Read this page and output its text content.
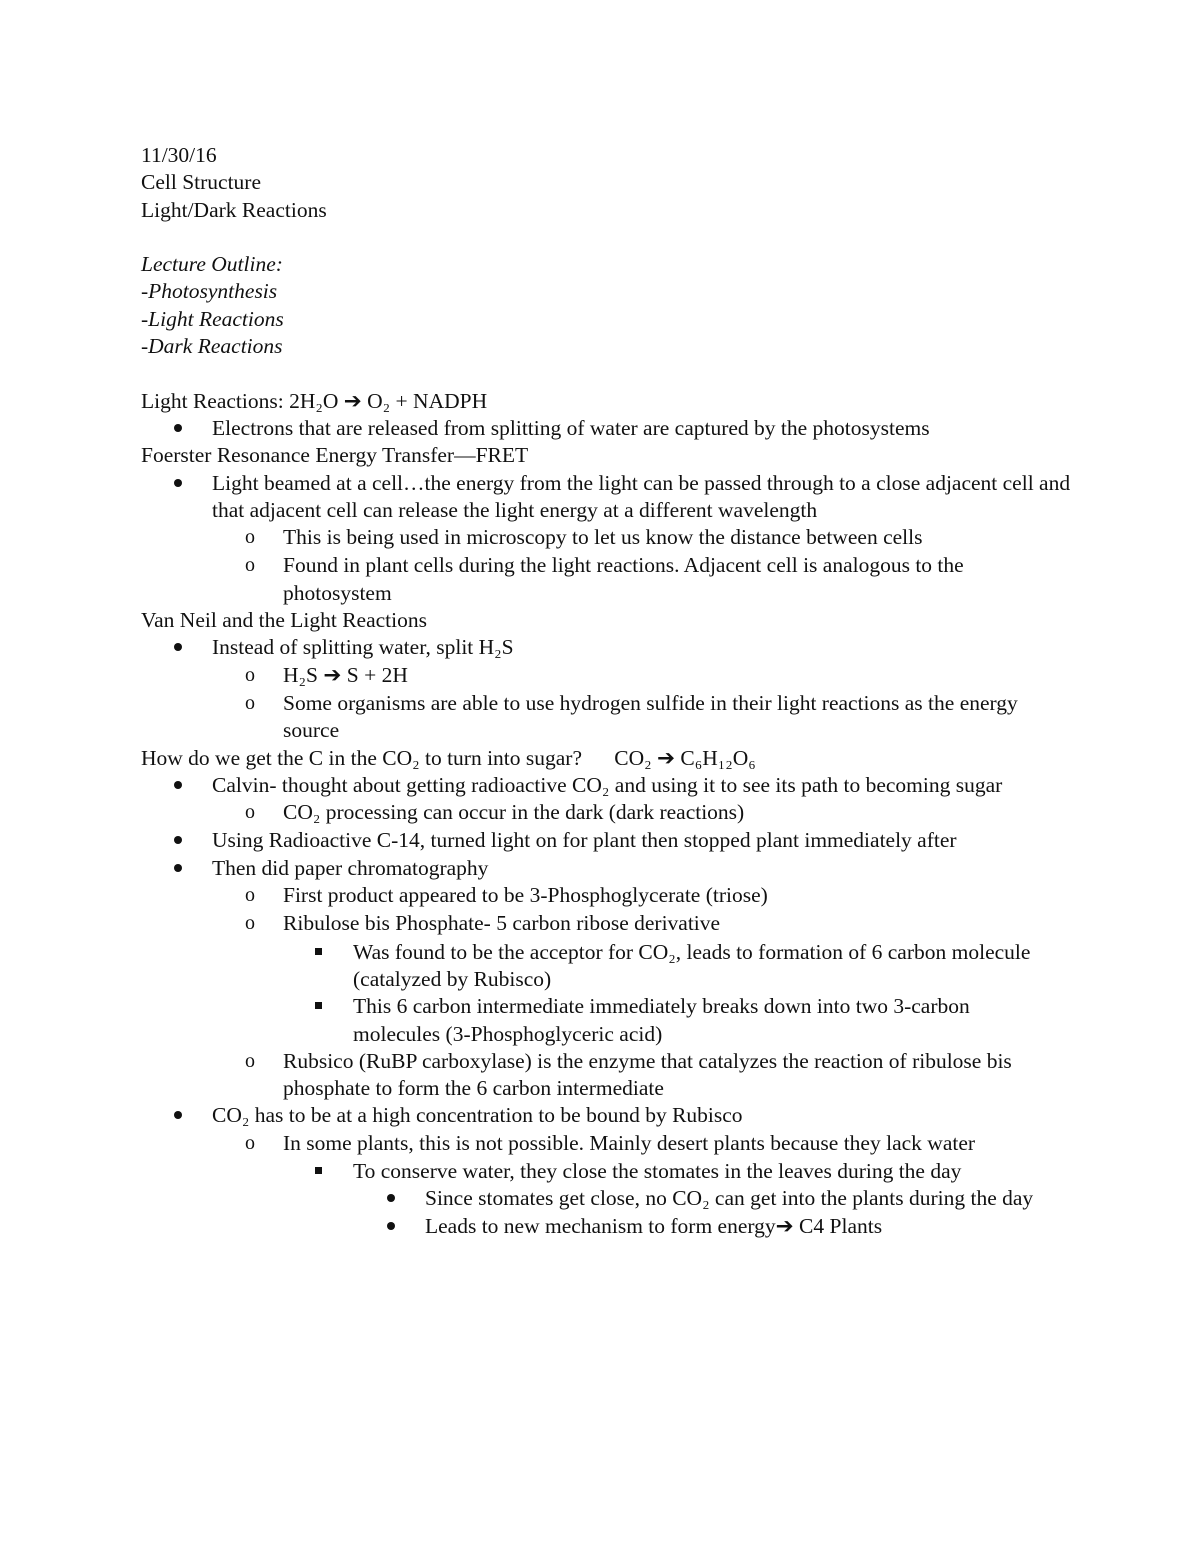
11/30/16
Cell Structure
Light/Dark Reactions
Lecture Outline:
-Photosynthesis
-Light Reactions
-Dark Reactions
Light Reactions: 2H₂O ➔ O₂ + NADPH
Electrons that are released from splitting of water are captured by the photosystems
Foerster Resonance Energy Transfer—FRET
Light beamed at a cell…the energy from the light can be passed through to a close adjacent cell and that adjacent cell can release the light energy at a different wavelength
o	This is being used in microscopy to let us know the distance between cells
o	Found in plant cells during the light reactions. Adjacent cell is analogous to the photosystem
Van Neil and the Light Reactions
Instead of splitting water, split H₂S
o	H₂S ➔ S + 2H
o	Some organisms are able to use hydrogen sulfide in their light reactions as the energy source
How do we get the C in the CO₂ to turn into sugar?      CO₂ ➔ C₆H₁₂O₆
Calvin- thought about getting radioactive CO₂ and using it to see its path to becoming sugar
o	CO₂ processing can occur in the dark (dark reactions)
Using Radioactive C-14, turned light on for plant then stopped plant immediately after
Then did paper chromatography
o	First product appeared to be 3-Phosphoglycerate (triose)
o	Ribulose bis Phosphate- 5 carbon ribose derivative
Was found to be the acceptor for CO₂, leads to formation of 6 carbon molecule (catalyzed by Rubisco)
This 6 carbon intermediate immediately breaks down into two 3-carbon molecules (3-Phosphoglyceric acid)
o	Rubsico (RuBP carboxylase) is the enzyme that catalyzes the reaction of ribulose bis phosphate to form the 6 carbon intermediate
CO₂ has to be at a high concentration to be bound by Rubisco
o	In some plants, this is not possible. Mainly desert plants because they lack water
To conserve water, they close the stomates in the leaves during the day
Since stomates get close, no CO₂ can get into the plants during the day
Leads to new mechanism to form energy➔ C4 Plants
